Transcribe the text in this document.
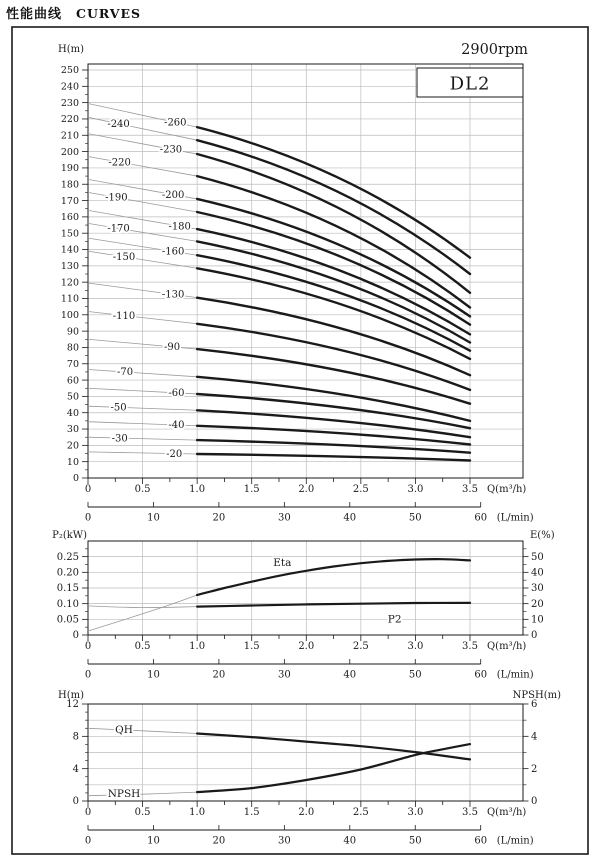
性能曲线 CURVES
0
10
20
30
40
50
60
70
80
90
100
110
120
130
140
150
160
170
180
190
200
210
220
230
240
250
0	0.5	1.0	1.5	2.0	2.5	3.0	3.5 Q(m³/h)
0	10	20	30	40	50	60 (L/min)
H(m)	2900rpm
DL2
-260
-240
-230
-220
-200
-190
-180
-170
-160
-150
-130
-110
-90
-70
-60
-50
-40
-30
-20
0
0.05
0.10
0.15
0.20
0.25
0
10
20
30
40
50
0	0.5	1.0	1.5	2.0	2.5	3.0	3.5 Q(m³/h)
0	10	20	30	40	50	60 (L/min)
P₂(kW)	E(%)
Eta
P2
0
4
8
12
0
2
4
6
0	0.5	1.0	1.5	2.0	2.5	3.0	3.5 Q(m³/h)
0	10	20	30	40	50	60 (L/min)
H(m)	NPSH(m)
QH
NPSH
